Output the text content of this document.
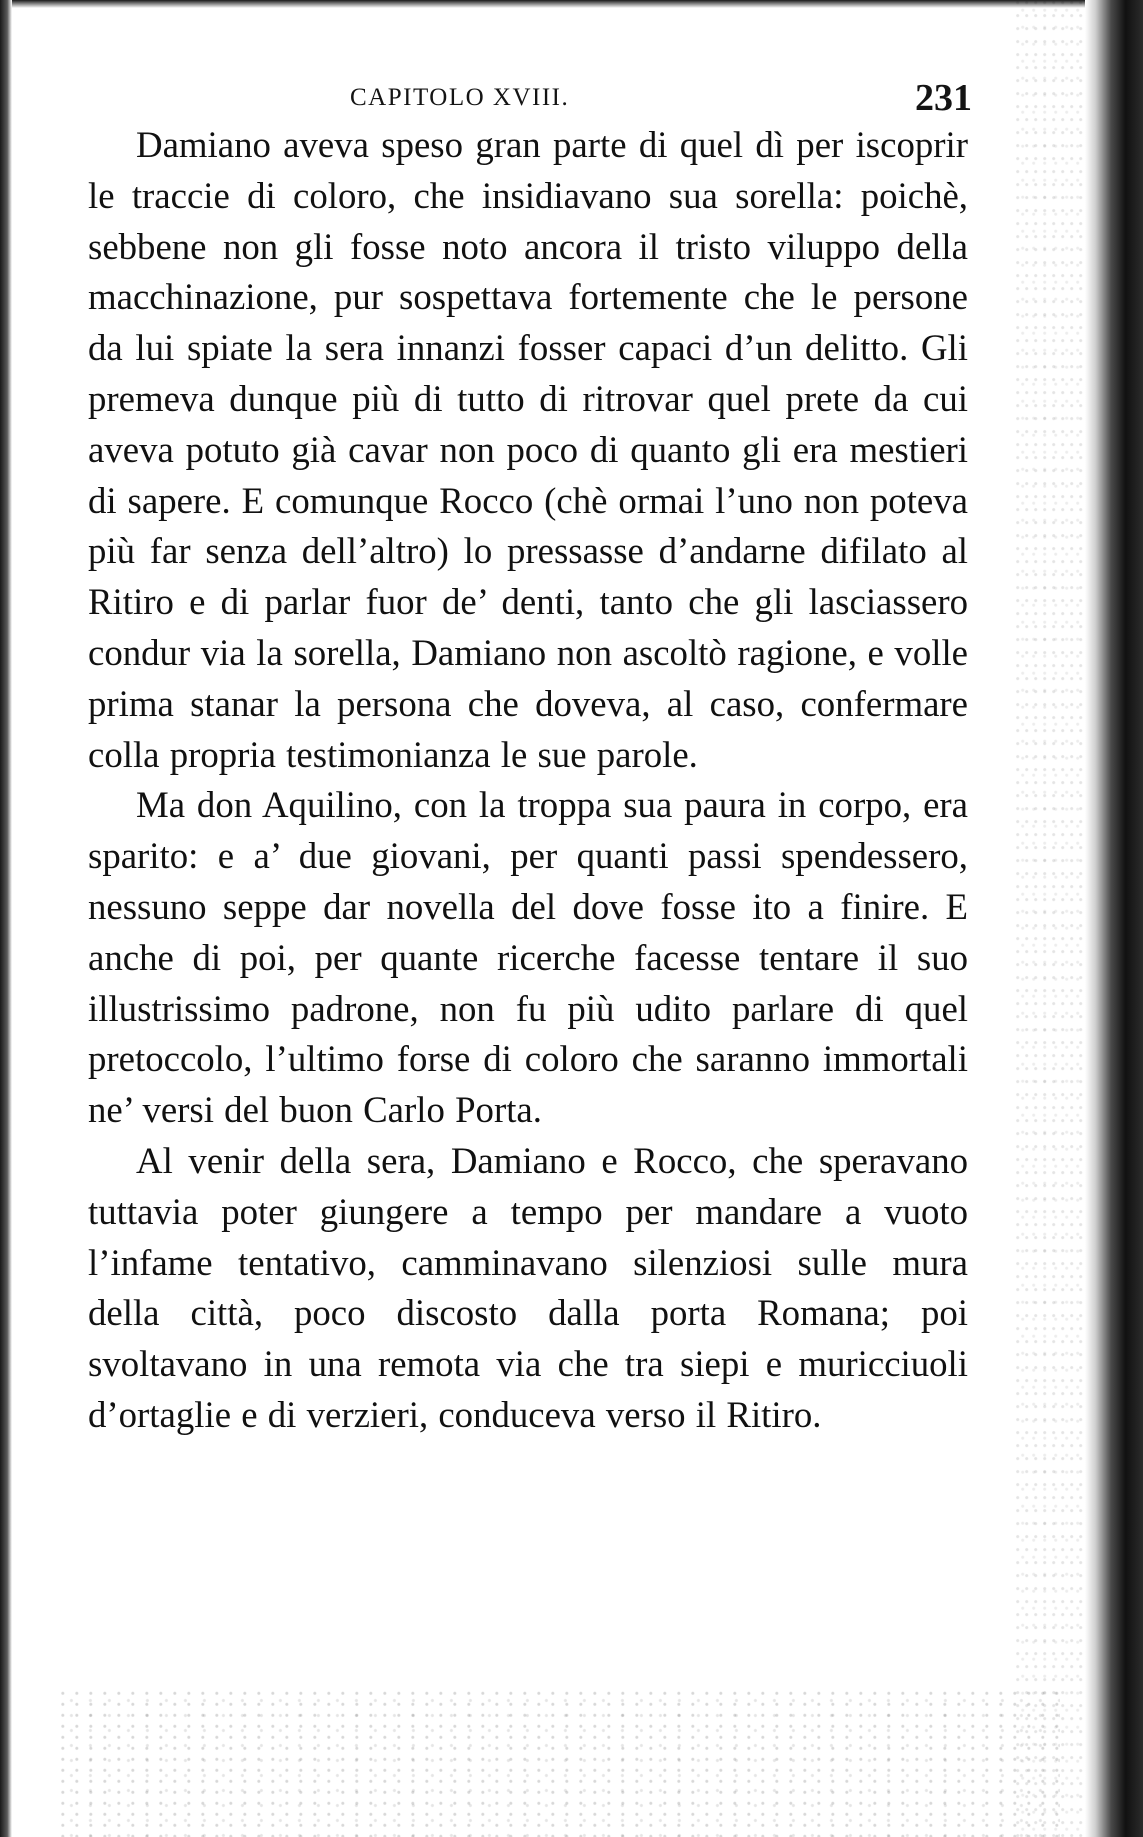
CAPITOLO XVIII.	231

Damiano aveva speso gran parte di quel dì per iscoprir le traccie di coloro, che insidiavano sua sorella: poichè, sebbene non gli fosse noto ancora il tristo viluppo della macchinazione, pur sospettava fortemente che le persone da lui spiate la sera innanzi fosser capaci d’un delitto. Gli premeva dunque più di tutto di ritrovar quel prete da cui aveva potuto già cavar non poco di quanto gli era mestieri di sapere. E comunque Rocco (chè ormai l’uno non poteva più far senza dell’altro) lo pressasse d’andarne difilato al Ritiro e di parlar fuor de’ denti, tanto che gli lasciassero condur via la sorella, Damiano non ascoltò ragione, e volle prima stanar la persona che doveva, al caso, confermare colla propria testimonianza le sue parole.

Ma don Aquilino, con la troppa sua paura in corpo, era sparito: e a’ due giovani, per quanti passi spendessero, nessuno seppe dar novella del dove fosse ito a finire. E anche di poi, per quante ricerche facesse tentare il suo illustrissimo padrone, non fu più udito parlare di quel pretoccolo, l’ultimo forse di coloro che saranno immortali ne’ versi del buon Carlo Porta.

Al venir della sera, Damiano e Rocco, che speravano tuttavia poter giungere a tempo per mandare a vuoto l’infame tentativo, camminavano silenziosi sulle mura della città, poco discosto dalla porta Romana; poi svoltavano in una remota via che tra siepi e muricciuoli d’ortaglie e di verzieri, conduceva verso il Ritiro.
